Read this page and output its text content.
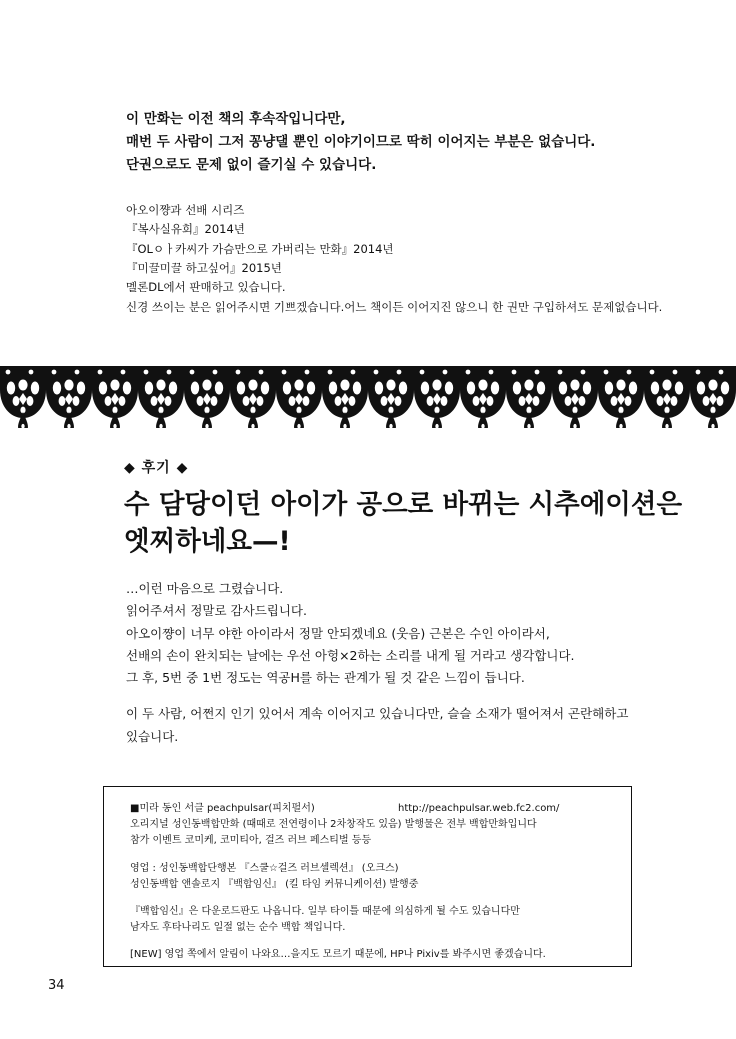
이 만화는 이전 책의 후속작입니다만,
매번 두 사람이 그저 꽁냥댈 뿐인 이야기이므로 딱히 이어지는 부분은 없습니다.
단권으로도 문제 없이 즐기실 수 있습니다.
아오이쨩과 선배 시리즈
『복사실유희』2014년
『OLㅇㅏ카씨가 가슴만으로 가버리는 만화』2014년
『미끌미끌 하고싶어』2015년
멜론DL에서 판매하고 있습니다.
신경 쓰이는 분은 읽어주시면 기쁘겠습니다.어느 책이든 이어지진 않으니 한 권만 구입하셔도 문제없습니다.
◆ 후기 ◆
수 담당이던 아이가 공으로 바뀌는 시추에이션은 엣찌하네요—!
…이런 마음으로 그렸습니다.
읽어주셔서 정말로 감사드립니다.
아오이쨩이 너무 야한 아이라서 정말 안되겠네요 (웃음) 근본은 수인 아이라서,
선배의 손이 완치되는 날에는 우선 아헝×2하는 소리를 내게 될 거라고 생각합니다.
그 후, 5번 중 1번 정도는 역공H를 하는 관계가 될 것 같은 느낌이 듭니다.
이 두 사람, 어쩐지 인기 있어서 계속 이어지고 있습니다만, 슬슬 소재가 떨어져서 곤란해하고
있습니다.
■미라 동인 서클 peachpulsar(피치펄서)	http://peachpulsar.web.fc2.com/
오리지널 성인동백합만화 (때때로 전연령이나 2차창작도 있음) 발행물은 전부 백합만화입니다
참가 이벤트 코미케, 코미티아, 걸즈 러브 페스티벌 등등
영업 : 성인동백합단행본 『스쿨☆걸즈 러브셀렉션』 (오크스)
성인동백합 앤솔로지 『백합임신』 (킬 타임 커뮤니케이션) 발행중
『백합임신』은 다운로드판도 나옵니다. 일부 타이틀 때문에 의심하게 될 수도 있습니다만
남자도 후타나리도 일절 없는 순수 백합 책입니다.
[NEW] 영업 쪽에서 알림이 나와요…을지도 모르기 때문에, HP나 Pixiv를 봐주시면 좋겠습니다.
34
